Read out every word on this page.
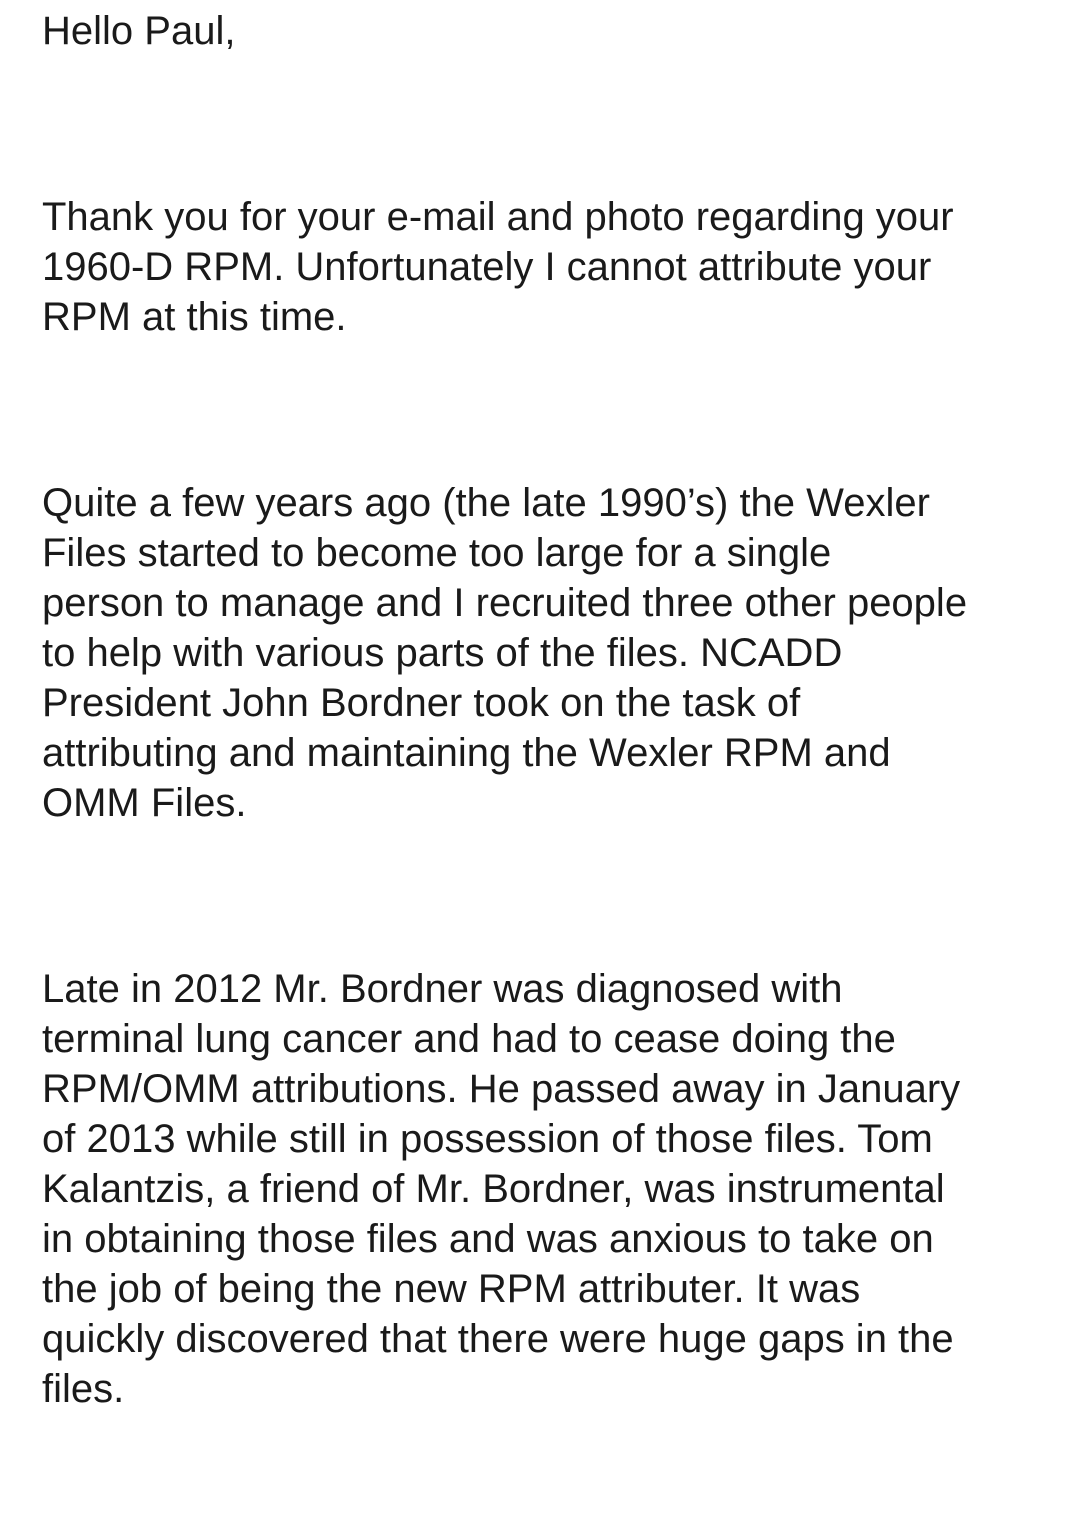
Hello Paul,
Thank you for your e-mail and photo regarding your
1960-D RPM. Unfortunately I cannot attribute your
RPM at this time.
Quite a few years ago (the late 1990’s) the Wexler
Files started to become too large for a single
person to manage and I recruited three other people
to help with various parts of the files. NCADD
President John Bordner took on the task of
attributing and maintaining the Wexler RPM and
OMM Files.
Late in 2012 Mr. Bordner was diagnosed with
terminal lung cancer and had to cease doing the
RPM/OMM attributions. He passed away in January
of 2013 while still in possession of those files. Tom
Kalantzis, a friend of Mr. Bordner, was instrumental
in obtaining those files and was anxious to take on
the job of being the new RPM attributer. It was
quickly discovered that there were huge gaps in the
files.
